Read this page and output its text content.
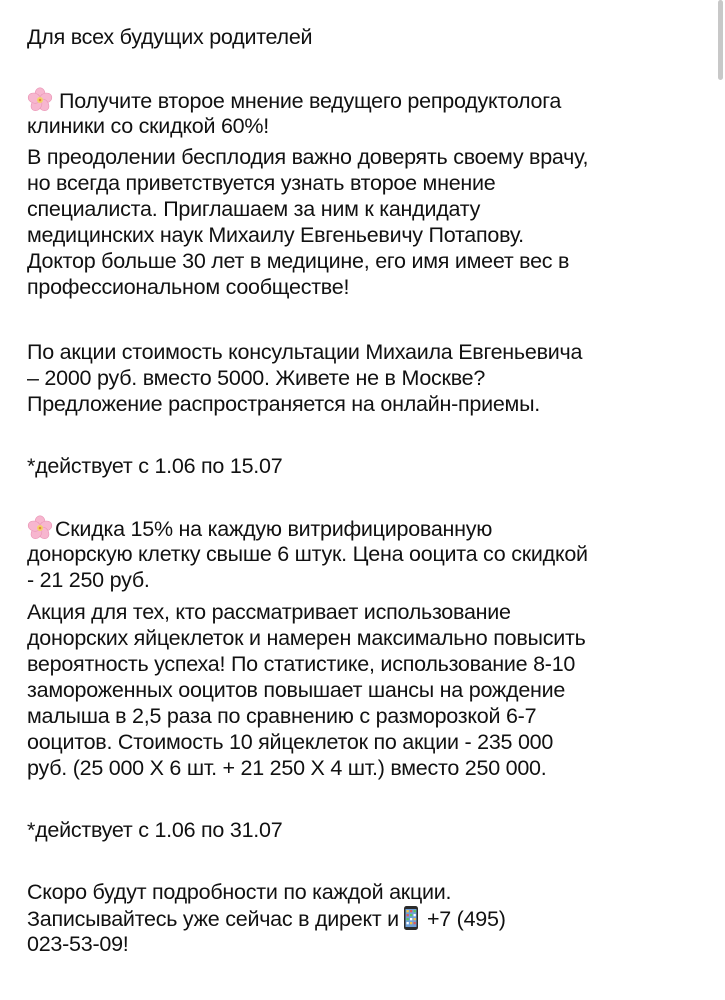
Для всех будущих родителей
Получите второе мнение ведущего репродуктолога
клиники со скидкой 60%!
В преодолении бесплодия важно доверять своему врачу,
но всегда приветствуется узнать второе мнение
специалиста. Приглашаем за ним к кандидату
медицинских наук Михаилу Евгеньевичу Потапову.
Доктор больше 30 лет в медицине, его имя имеет вес в
профессиональном сообществе!
По акции стоимость консультации Михаила Евгеньевича
– 2000 руб. вместо 5000. Живете не в Москве?
Предложение распространяется на онлайн-приемы.
*действует с 1.06 по 15.07
Скидка 15% на каждую витрифицированную
донорскую клетку свыше 6 штук. Цена ооцита со скидкой
- 21 250 руб.
Акция для тех, кто рассматривает использование
донорских яйцеклеток и намерен максимально повысить
вероятность успеха! По статистике, использование 8-10
замороженных ооцитов повышает шансы на рождение
малыша в 2,5 раза по сравнению с разморозкой 6-7
ооцитов. Стоимость 10 яйцеклеток по акции - 235 000
руб. (25 000 Х 6 шт. + 21 250 Х 4 шт.) вместо 250 000.
*действует с 1.06 по 31.07
Скоро будут подробности по каждой акции.
Записывайтесь уже сейчас в директ и +7 (495)
023-53-09!
